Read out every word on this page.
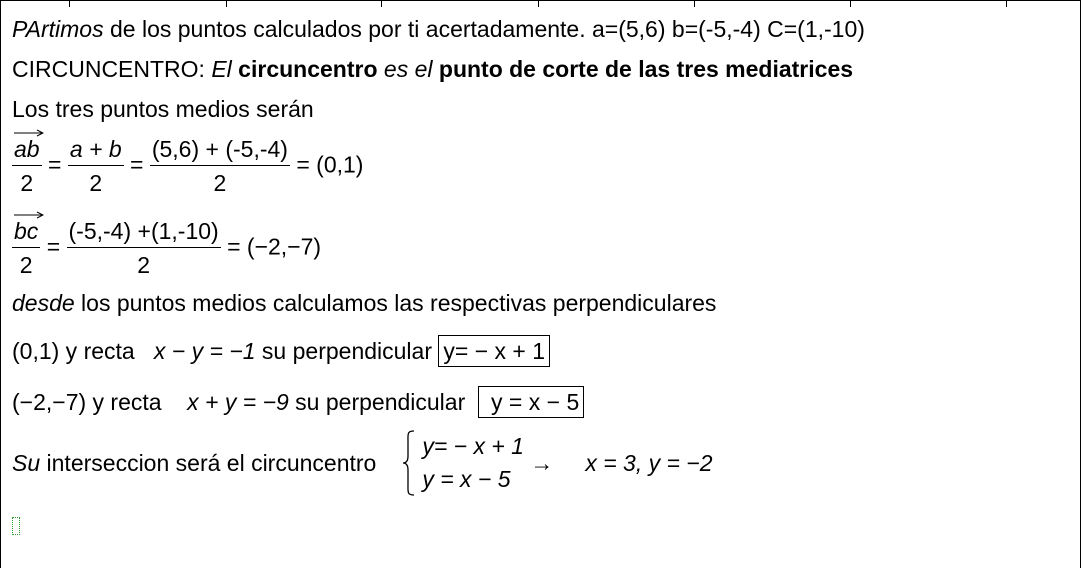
PArtimos de los puntos calculados por ti acertadamente. a=(5,6) b=(-5,-4) C=(1,-10)
CIRCUNCENTRO: El circuncentro es el punto de corte de las tres mediatrices
Los tres puntos medios serán
$\frac{ab}{2} = \frac{a + b}{2} = \frac{(5,6) + (-5,-4)}{2} = (0,1)$
$\frac{bc}{2} = \frac{(-5,-4) +(1,-10)}{2} = (-2,-7)$
desde los puntos medios calculamos las respectivas perpendiculares
(0,1) y recta x − y = −1 su perpendicular y= − x + 1
(−2,−7) y recta x + y = −9 su perpendicular  y = x − 5
Su interseccion será el circuncentro
y= − x + 1
y = x − 5
→ x = 3, y = −2
